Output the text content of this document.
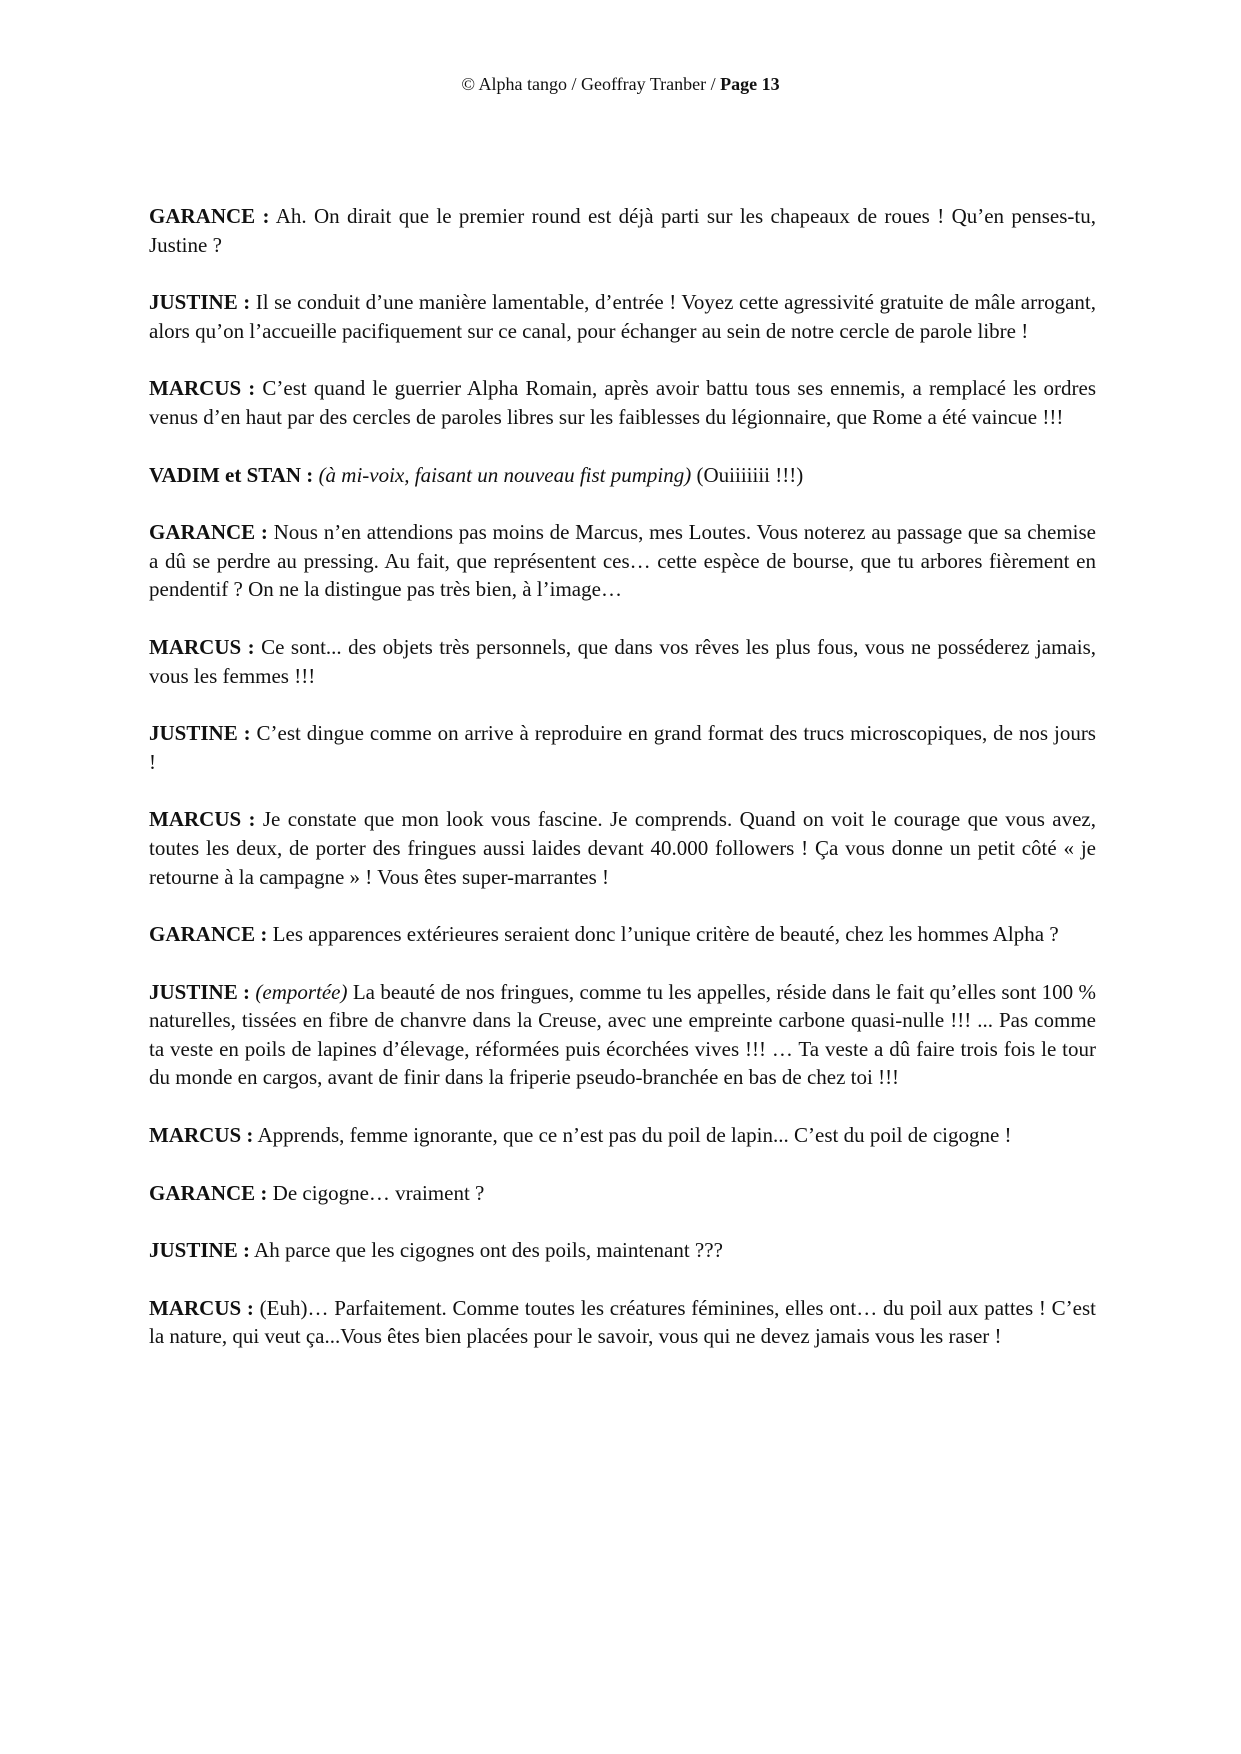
© Alpha tango / Geoffray Tranber / Page 13

GARANCE : Ah. On dirait que le premier round est déjà parti sur les chapeaux de roues ! Qu’en penses-tu, Justine ?

JUSTINE : Il se conduit d’une manière lamentable, d’entrée ! Voyez cette agressivité gratuite de mâle arrogant, alors qu’on l’accueille pacifiquement sur ce canal, pour échanger au sein de notre cercle de parole libre !

MARCUS : C’est quand le guerrier Alpha Romain, après avoir battu tous ses ennemis, a remplacé les ordres venus d’en haut par des cercles de paroles libres sur les faiblesses du légionnaire, que Rome a été vaincue !!!

VADIM et STAN : (à mi-voix, faisant un nouveau fist pumping) (Ouiiiiiii !!!)

GARANCE : Nous n’en attendions pas moins de Marcus, mes Loutes. Vous noterez au passage que sa chemise a dû se perdre au pressing. Au fait, que représentent ces… cette espèce de bourse, que tu arbores fièrement en pendentif ? On ne la distingue pas très bien, à l’image…

MARCUS : Ce sont... des objets très personnels, que dans vos rêves les plus fous, vous ne posséderez jamais, vous les femmes !!!

JUSTINE : C’est dingue comme on arrive à reproduire en grand format des trucs microscopiques, de nos jours !

MARCUS : Je constate que mon look vous fascine. Je comprends. Quand on voit le courage que vous avez, toutes les deux, de porter des fringues aussi laides devant 40.000 followers ! Ça vous donne un petit côté « je retourne à la campagne » ! Vous êtes super-marrantes !

GARANCE : Les apparences extérieures seraient donc l’unique critère de beauté, chez les hommes Alpha ?

JUSTINE : (emportée) La beauté de nos fringues, comme tu les appelles, réside dans le fait qu’elles sont 100 % naturelles, tissées en fibre de chanvre dans la Creuse, avec une empreinte carbone quasi-nulle !!! ... Pas comme ta veste en poils de lapines d’élevage, réformées puis écorchées vives !!! … Ta veste a dû faire trois fois le tour du monde en cargos, avant de finir dans la friperie pseudo-branchée en bas de chez toi !!!

MARCUS : Apprends, femme ignorante, que ce n’est pas du poil de lapin... C’est du poil de cigogne !

GARANCE : De cigogne… vraiment ?

JUSTINE : Ah parce que les cigognes ont des poils, maintenant ???

MARCUS : (Euh)… Parfaitement. Comme toutes les créatures féminines, elles ont… du poil aux pattes ! C’est la nature, qui veut ça...Vous êtes bien placées pour le savoir, vous qui ne devez jamais vous les raser !
